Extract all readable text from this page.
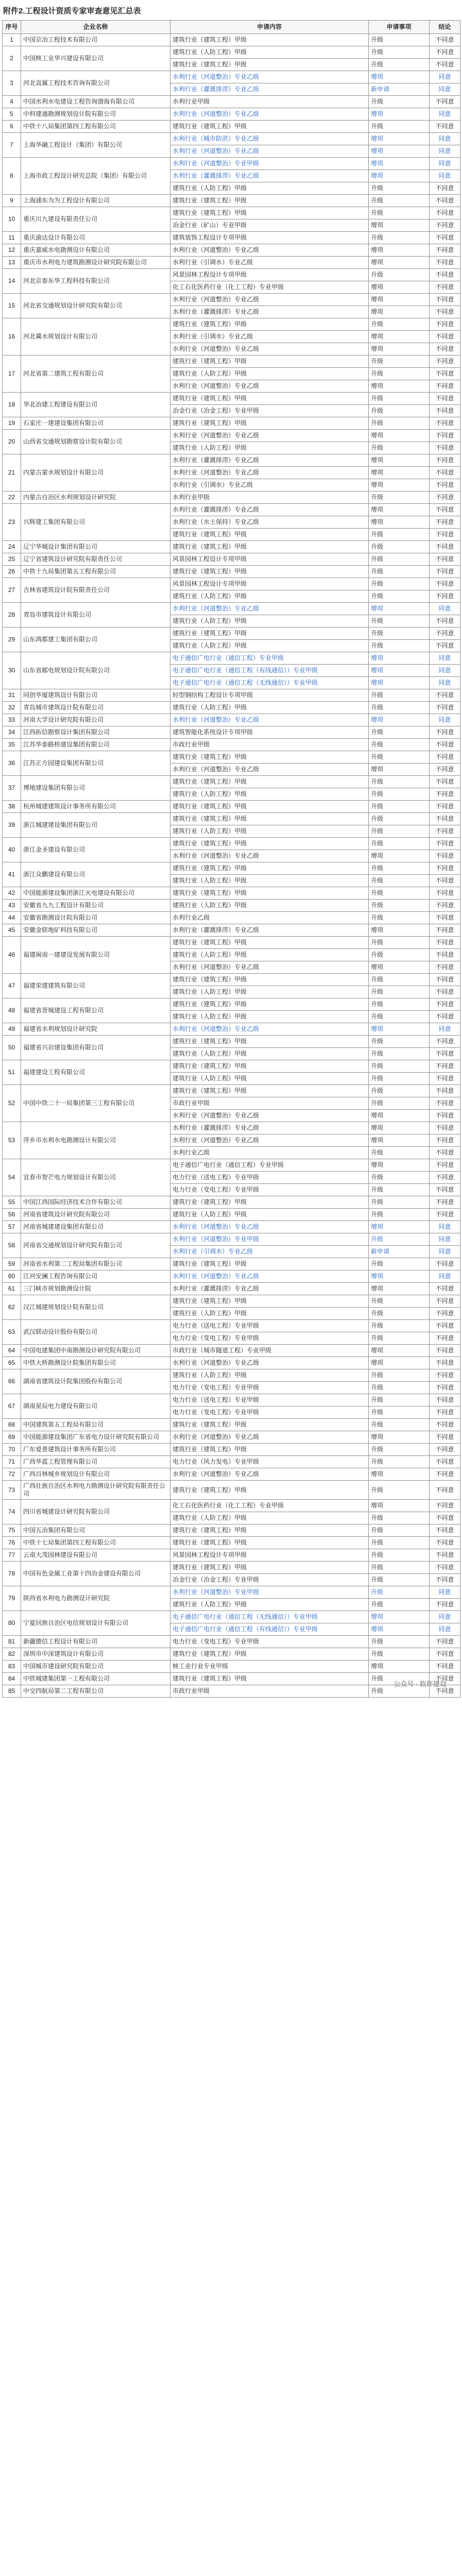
附件2.工程设计资质专家审查意见汇总表
序号	企业名称	申请内容	申请事项	结论
1	中国京冶工程技术有限公司	建筑行业（建筑工程）甲级	升级	不同意
2	中国核工业华兴建设有限公司	建筑行业（人防工程）甲级	升级	不同意
		建筑行业（建筑工程）甲级	升级	不同意
3	河北直属工程技术咨询有限公司	水利行业（河道整治）专业乙级	增项	同意
		水利行业（灌溉排涝）专业乙级	新申请	同意
4	中国水利水电建设工程咨询渤海有限公司	水利行业甲级	升级	不同意
5	中科建通勘测规划设计院有限公司	水利行业（河道整治）专业乙级	增项	同意
6	中铁十八局集团第四工程有限公司	建筑行业（建筑工程）甲级	升级	不同意
7	上海华融工程设计（集团）有限公司	水利行业（城市防洪）专业乙级	增项	同意
		水利行业（河道整治）专业乙级	增项	同意
8	上海市政工程设计研究总院（集团）有限公司	水利行业（河道整治）专业甲级	增项	同意
		水利行业（灌溉排涝）专业乙级	增项	同意
		建筑行业（人防工程）甲级	升级	不同意
9	上海浦东为为工程设计有限公司	建筑行业（建筑工程）甲级	升级	不同意
10	重庆川九建设有限责任公司	建筑行业（建筑工程）甲级	升级	不同意
		冶金行业（矿山）专业甲级	增项	不同意
11	重庆渝达设计有限公司	建筑装饰工程设计专项甲级	升级	不同意
12	重庆嘉威水电勘测设计有限公司	水利行业（河道整治）专业乙级	增项	不同意
13	重庆市水利电力建筑勘测设计研究院有限公司	水利行业（引调水）专业乙级	增项	不同意
14	河北京泰东华工程科技有限公司	风景园林工程设计专项甲级	升级	不同意
		化工石化医药行业（化工工程）专业甲级	增项	不同意
15	河北省交通规划设计研究院有限公司	水利行业（河道整治）专业乙级	增项	不同意
		水利行业（灌溉排涝）专业乙级	增项	不同意
16	河北冀水规划设计有限公司	建筑行业（建筑工程）甲级	升级	不同意
		水利行业（引调水）专业乙级	增项	不同意
		水利行业（河道整治）专业乙级	增项	不同意
17	河北省第二建筑工程有限公司	建筑行业（建筑工程）甲级	升级	不同意
		建筑行业（人防工程）甲级	升级	不同意
		水利行业（河道整治）专业乙级	增项	不同意
18	华北冶建工程建设有限公司	建筑行业（建筑工程）甲级	升级	不同意
		冶金行业（冶金工程）专业甲级	升级	不同意
19	石家庄一建建设集团有限公司	建筑行业（建筑工程）甲级	升级	不同意
20	山西省交通规划勘察设计院有限公司	水利行业（河道整治）专业乙级	增项	不同意
		建筑行业（人防工程）甲级	升级	不同意
21	内蒙古蒙水规划设计有限公司	水利行业（灌溉排涝）专业乙级	增项	不同意
		水利行业（河道整治）专业乙级	增项	不同意
		水利行业（引调水）专业乙级	增项	不同意
22	内蒙古自治区水利规划设计研究院	水利行业甲级	升级	不同意
23	兴辉建工集团有限公司	水利行业（灌溉排涝）专业乙级	增项	不同意
		水利行业（水土保持）专业乙级	增项	不同意
		建筑行业（建筑工程）甲级	升级	不同意
24	辽宁华城设计集团有限公司	建筑行业（建筑工程）甲级	升级	不同意
25	辽宁省建筑设计研究院有限责任公司	风景园林工程设计专项甲级	升级	不同意
26	中铁十九局集团第五工程有限公司	建筑行业（建筑工程）甲级	升级	不同意
27	吉林省建筑设计院有限责任公司	风景园林工程设计专项甲级	升级	不同意
		建筑行业（人防工程）甲级	升级	不同意
28	青岛市建筑设计有限公司	水利行业（河道整治）专业乙级	增项	同意
		建筑行业（人防工程）甲级	升级	不同意
29	山东鸿都建工集团有限公司	建筑行业（建筑工程）甲级	升级	不同意
		建筑行业（人防工程）甲级	升级	不同意
30	山东省邮电规划设计院有限公司	电子通信广电行业（通信工程）专业甲级	增项	同意
		电子通信广电行业（通信工程（有线通信））专业甲级	增项	同意
		电子通信广电行业（通信工程（无线通信））专业甲级	增项	同意
31	同创华厦建筑设计有限公司	轻型钢结构工程设计专项甲级	升级	不同意
32	青岛城市建筑设计院有限公司	建筑行业（人防工程）甲级	升级	不同意
33	河南大学设计研究院有限公司	水利行业（河道整治）专业乙级	增项	同意
34	江西拓信勘察设计集团有限公司	建筑智能化系统设计专项甲级	升级	不同意
35	江苏华泰路桥建设集团有限公司	市政行业甲级	升级	不同意
36	江苏正方园建设集团有限公司	建筑行业（建筑工程）甲级	升级	不同意
		水利行业（河道整治）专业乙级	增项	不同意
37	博地建设集团有限公司	建筑行业（建筑工程）甲级	升级	不同意
		建筑行业（人防工程）甲级	升级	不同意
38	杭州城建建筑设计事务所有限公司	建筑行业（建筑工程）甲级	升级	不同意
39	浙江城建建设集团有限公司	建筑行业（建筑工程）甲级	升级	不同意
		建筑行业（人防工程）甲级	升级	不同意
40	浙江金圣建设有限公司	建筑行业（建筑工程）甲级	升级	不同意
		水利行业（河道整治）专业乙级	增项	不同意
41	浙江众鹏建设有限公司	建筑行业（建筑工程）甲级	升级	不同意
		建筑行业（人防工程）甲级	升级	不同意
42	中国能源建设集团浙江火电建设有限公司	建筑行业（建筑工程）甲级	升级	不同意
43	安徽省九九工程设计有限公司	建筑行业（人防工程）甲级	升级	不同意
44	安徽省勘测设计院有限公司	水利行业乙级	升级	不同意
45	安徽金联地矿科技有限公司	水利行业（灌溉排涝）专业乙级	增项	不同意
46	福建闽南一建建设发展有限公司	建筑行业（建筑工程）甲级	升级	不同意
		建筑行业（人防工程）甲级	升级	不同意
		水利行业（河道整治）专业乙级	增项	不同意
47	福建荣建建筑有限公司	建筑行业（建筑工程）甲级	升级	不同意
		建筑行业（人防工程）甲级	升级	不同意
48	福建省晋城建设工程有限公司	建筑行业（建筑工程）甲级	升级	不同意
		建筑行业（人防工程）甲级	升级	不同意
49	福建省水利规划设计研究院	水利行业（河道整治）专业乙级	增项	同意
50	福建省兴岩建设集团有限公司	建筑行业（建筑工程）甲级	升级	不同意
		建筑行业（人防工程）甲级	升级	不同意
51	福建建设工程有限公司	建筑行业（建筑工程）甲级	升级	不同意
		建筑行业（人防工程）甲级	升级	不同意
52	中国中铁二十一局集团第三工程有限公司	建筑行业（建筑工程）甲级	升级	不同意
		市政行业甲级	升级	不同意
		水利行业（河道整治）专业乙级	增项	不同意
53	萍乡市水利水电勘测设计有限公司	水利行业（灌溉排涝）专业乙级	增项	不同意
		水利行业（河道整治）专业乙级	增项	不同意
		水利行业乙级	升级	不同意
54	宜春市智芒电力规划设计有限公司	电子通信广电行业（通信工程）专业甲级	增项	不同意
		电力行业（送电工程）专业甲级	升级	不同意
		电力行业（变电工程）专业甲级	升级	不同意
55	中国江西国际经济技术合作有限公司	建筑行业（建筑工程）甲级	升级	不同意
56	河南省建筑设计研究院有限公司	建筑行业（人防工程）甲级	升级	不同意
57	河南省城建建设集团有限公司	水利行业（河道整治）专业乙级	增项	同意
58	河南省交通规划设计研究院有限公司	水利行业（河道整治）专业甲级	升级	同意
		水利行业（引调水）专业乙级	新申请	同意
59	河南省水利第二工程局集团有限公司	建筑行业（建筑工程）甲级	升级	不同意
60	江河安澜工程咨询有限公司	水利行业（河道整治）专业乙级	增项	同意
61	三门峡市规划勘测设计院	水利行业（灌溉排涝）专业乙级	增项	不同意
62	汉江城建规划设计院有限公司	建筑行业（建筑工程）甲级	升级	不同意
		建筑行业（人防工程）甲级	升级	不同意
63	武汉联动设计股份有限公司	电力行业（送电工程）专业甲级	升级	不同意
		电力行业（变电工程）专业甲级	升级	不同意
64	中国电建集团中南勘测设计研究院有限公司	市政行业（城市隧道工程）专业甲级	增项	不同意
65	中铁大桥勘测设计院集团有限公司	水利行业（河道整治）专业乙级	增项	不同意
66	湖南省建筑设计院集团股份有限公司	建筑行业（人防工程）甲级	升级	不同意
		电力行业（变电工程）专业甲级	升级	不同意
67	湖南星辰电力建设有限公司	电力行业（送电工程）专业甲级	升级	不同意
		电力行业（变电工程）专业甲级	升级	不同意
68	中国建筑第五工程局有限公司	建筑行业（建筑工程）甲级	升级	不同意
69	中国能源建设集团广东省电力设计研究院有限公司	水利行业（河道整治）专业乙级	增项	不同意
70	广东爱普建筑设计事务所有限公司	建筑行业（建筑工程）甲级	升级	不同意
71	广西华蓝工程管理有限公司	电力行业（风力发电）专业甲级	升级	不同意
72	广西百林城乡规划设计有限公司	水利行业（河道整治）专业乙级	增项	不同意
73	广西壮族自治区水利电力勘测设计研究院有限责任公司	建筑行业（建筑工程）甲级	升级	不同意
74	四川省城建设计研究院有限公司	化工石化医药行业（化工工程）专业甲级	增项	不同意
		建筑行业（人防工程）甲级	升级	不同意
75	中国五冶集团有限公司	建筑行业（建筑工程）甲级	升级	不同意
76	中铁十七局集团第四工程有限公司	建筑行业（建筑工程）甲级	升级	不同意
77	云南大茂园林建设有限公司	风景园林工程设计专项甲级	升级	不同意
78	中国有色金属工业第十四冶金建设有限公司	建筑行业（建筑工程）甲级	升级	不同意
		冶金行业（冶金工程）专业甲级	升级	不同意
79	陕西省水利电力勘测设计研究院	水利行业（河道整治）专业甲级	升级	同意
		建筑行业（人防工程）甲级	升级	不同意
80	宁夏回族自治区电信规划设计有限公司	电子通信广电行业（通信工程（无线通信））专业甲级	增项	同意
		电子通信广电行业（通信工程（有线通信））专业甲级	增项	同意
81	新疆德信工程设计有限公司	电力行业（变电工程）专业甲级	升级	不同意
82	深圳市中深建筑设计有限公司	建筑行业（建筑工程）甲级	升级	不同意
83	中国城市建设研究院有限公司	核工业行业专业甲级	增项	不同意
84	中铁城建集团第一工程有限公司	建筑行业（建筑工程）甲级	升级	不同意
85	中交四航局第二工程有限公司	市政行业甲级	升级	不同意
公众号 · 软件建设
